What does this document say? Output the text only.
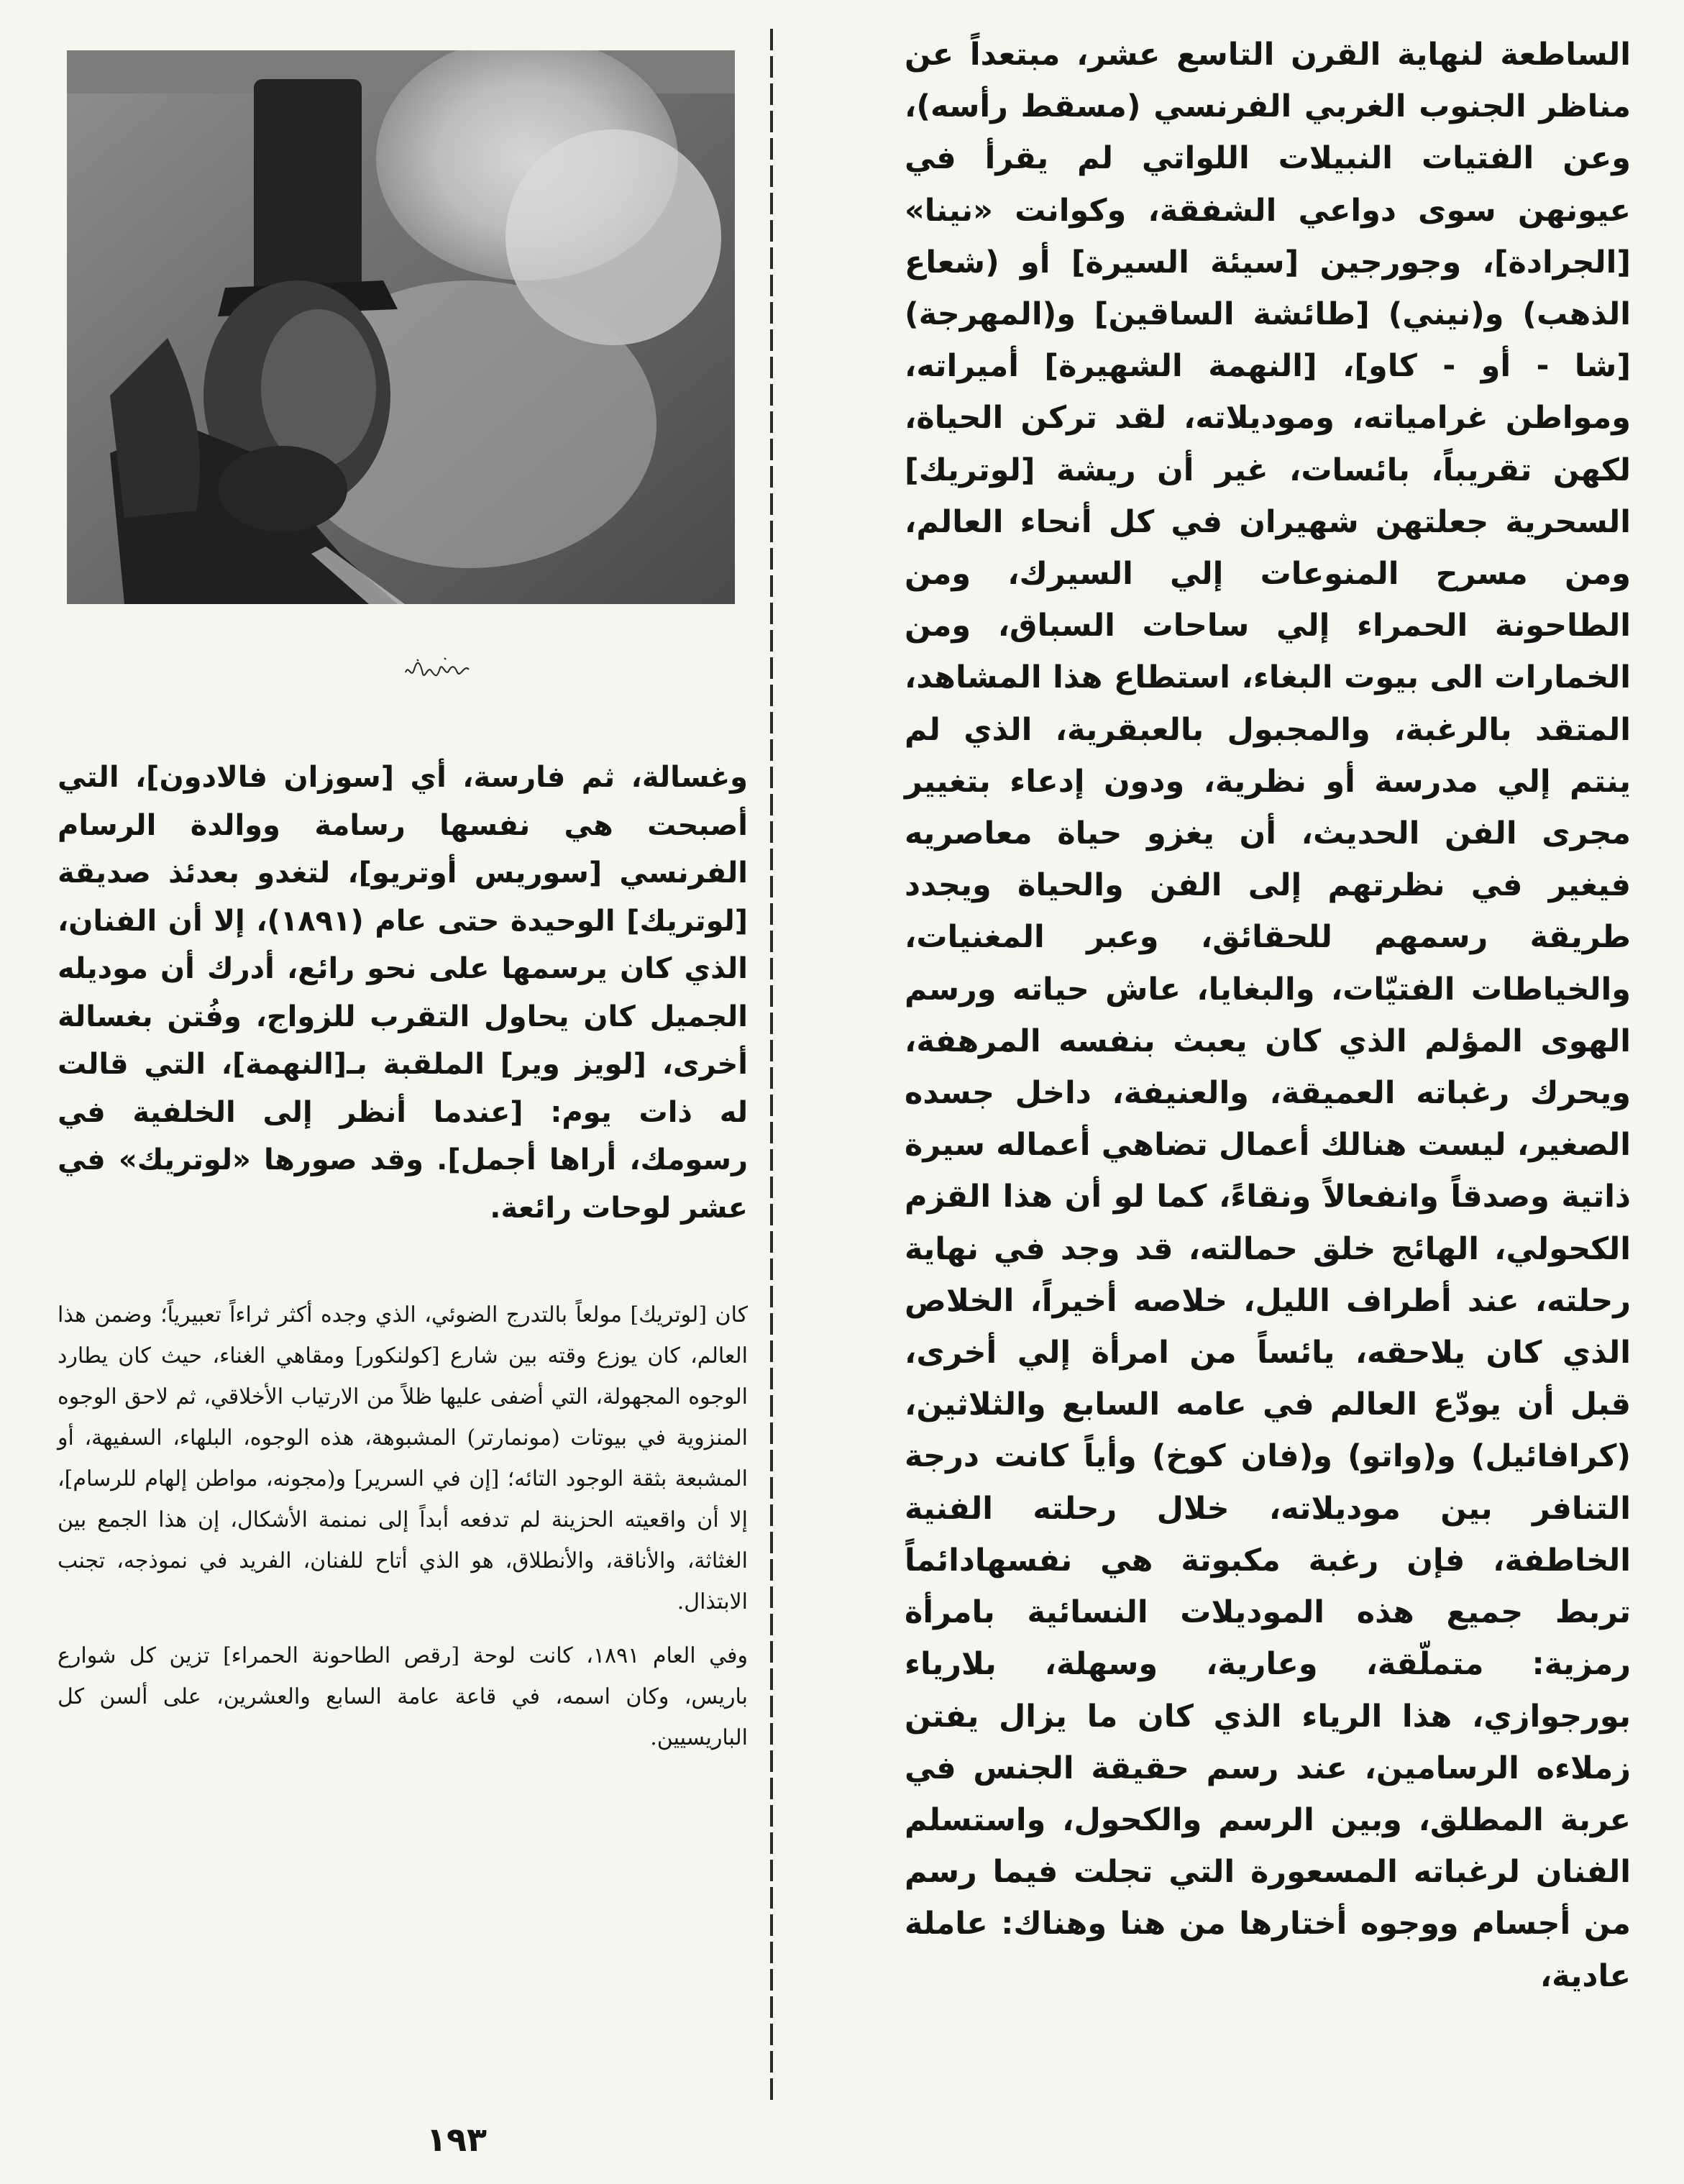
الساطعة لنهاية القرن التاسع عشر، مبتعداً عن مناظر الجنوب الغربي الفرنسي (مسقط رأسه)، وعن الفتيات النبيلات اللواتي لم يقرأ في عيونهن سوى دواعي الشفقة، وكوانت «نينا» [الجرادة]، وجورجين [سيئة السيرة] أو (شعاع الذهب) و(نيني) [طائشة الساقين] و(المهرجة) [شا - أو - كاو]، [النهمة الشهيرة] أميراته، ومواطن غرامياته، وموديلاته، لقد تركن الحياة، لكهن تقريباً، بائسات، غير أن ريشة [لوتريك] السحرية جعلتهن شهيران في كل أنحاء العالم، ومن مسرح المنوعات إلي السيرك، ومن الطاحونة الحمراء إلي ساحات السباق، ومن الخمارات الى بيوت البغاء، استطاع هذا المشاهد، المتقد بالرغبة، والمجبول بالعبقرية، الذي لم ينتم إلي مدرسة أو نظرية، ودون إدعاء بتغيير مجرى الفن الحديث، أن يغزو حياة معاصريه فيغير في نظرتهم إلى الفن والحياة ويجدد طريقة رسمهم للحقائق، وعبر المغنيات، والخياطات الفتيّات، والبغايا، عاش حياته ورسم الهوى المؤلم الذي كان يعبث بنفسه المرهفة، ويحرك رغباته العميقة، والعنيفة، داخل جسده الصغير، ليست هنالك أعمال تضاهي أعماله سيرة ذاتية وصدقاً وانفعالاً ونقاءً، كما لو أن هذا القزم الكحولي، الهائج خلق حمالته، قد وجد في نهاية رحلته، عند أطراف الليل، خلاصه أخيراً، الخلاص الذي كان يلاحقه، يائساً من امرأة إلي أخرى، قبل أن يودّع العالم في عامه السابع والثلاثين، (كرافائيل) و(واتو) و(فان كوخ) وأياً كانت درجة التنافر بين موديلاته، خلال رحلته الفنية الخاطفة، فإن رغبة مكبوتة هي نفسهادائماً تربط جميع هذه الموديلات النسائية بامرأة رمزية: متملّقة، وعارية، وسهلة، بلارياء بورجوازي، هذا الرياء الذي كان ما يزال يفتن زملاءه الرسامين، عند رسم حقيقة الجنس في عربة المطلق، وبين الرسم والكحول، واستسلم الفنان لرغباته المسعورة التي تجلت فيما رسم من أجسام ووجوه أختارها من هنا وهناك: عاملة عادية،

وغسالة، ثم فارسة، أي [سوزان فالادون]، التي أصبحت هي نفسها رسامة ووالدة الرسام الفرنسي [سوريس أوتريو]، لتغدو بعدئذ صديقة [لوتريك] الوحيدة حتى عام (١٨٩١)، إلا أن الفنان، الذي كان يرسمها على نحو رائع، أدرك أن موديله الجميل كان يحاول التقرب للزواج، وفُتن بغسالة أخرى، [لويز وير] الملقبة بـ[النهمة]، التي قالت له ذات يوم: [عندما أنظر إلى الخلفية في رسومك، أراها أجمل]. وقد صورها «لوتريك» في عشر لوحات رائعة.

كان [لوتريك] مولعاً بالتدرج الضوئي، الذي وجده أكثر ثراءاً تعبيرياً؛ وضمن هذا العالم، كان يوزع وقته بين شارع [كولنكور] ومقاهي الغناء، حيث كان يطارد الوجوه المجهولة، التي أضفى عليها ظلاً من الارتياب الأخلاقي، ثم لاحق الوجوه المنزوية في بيوتات (مونمارتر) المشبوهة، هذه الوجوه، البلهاء، السفيهة، أو المشبعة بثقة الوجود التائه؛ [إن في السرير] و(مجونه، مواطن إلهام للرسام]، إلا أن واقعيته الحزينة لم تدفعه أبداً إلى نمنمة الأشكال، إن هذا الجمع بين الغثاثة، والأناقة، والأنطلاق، هو الذي أتاح للفنان، الفريد في نموذجه، تجنب الابتذال.

وفي العام ١٨٩١، كانت لوحة [رقص الطاحونة الحمراء] تزين كل شوارع باريس، وكان اسمه، في قاعة عامة السابع والعشرين، على ألسن كل الباريسيين.

١٩٣
